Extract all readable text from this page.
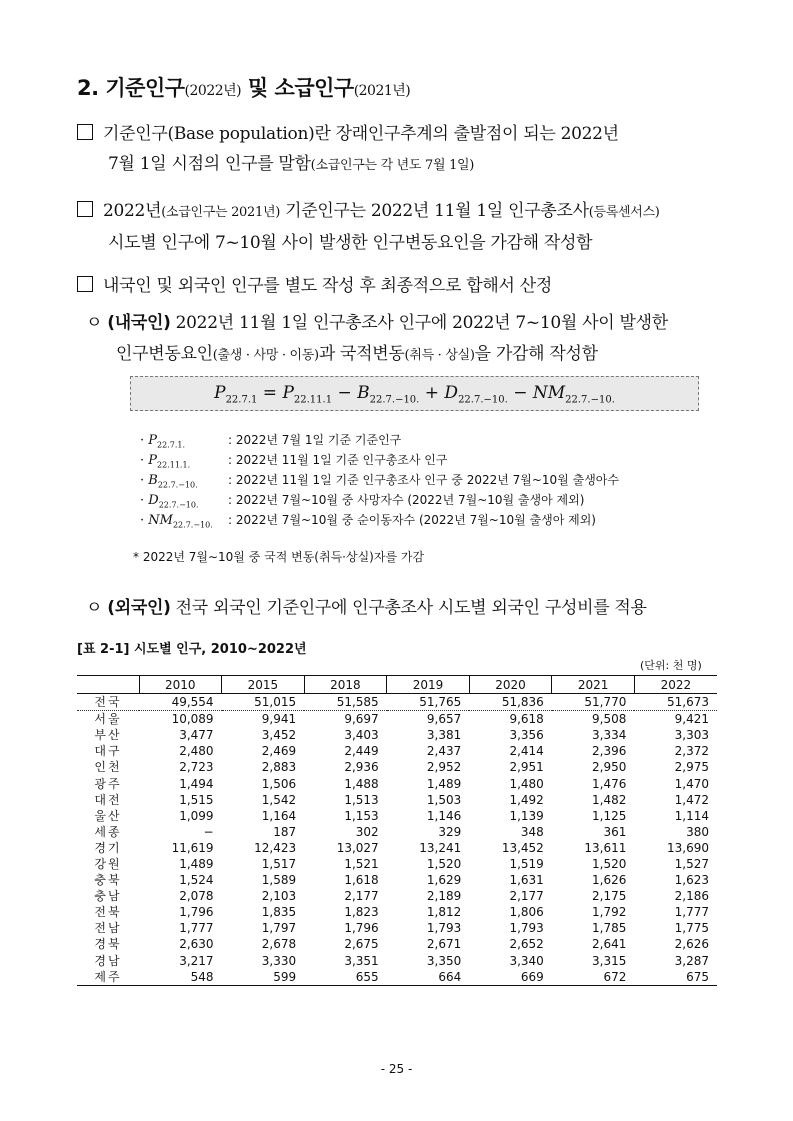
2. 기준인구(2022년) 및 소급인구(2021년)
기준인구(Base population)란 장래인구추계의 출발점이 되는 2022년
7월 1일 시점의 인구를 말함(소급인구는 각 년도 7월 1일)
2022년(소급인구는 2021년) 기준인구는 2022년 11월 1일 인구총조사(등록센서스)
시도별 인구에 7~10월 사이 발생한 인구변동요인을 가감해 작성함
내국인 및 외국인 인구를 별도 작성 후 최종적으로 합해서 산정
ㅇ (내국인) 2022년 11월 1일 인구총조사 인구에 2022년 7~10월 사이 발생한
인구변동요인(출생 · 사망 · 이동)과 국적변동(취득 · 상실)을 가감해 작성함
$P_{22.7.1} = P_{22.11.1} - B_{22.7.-10.} + D_{22.7.-10.} - NM_{22.7.-10.}$
· $P_{22.7.1.}$	: 2022년 7월 1일 기준 기준인구
· $P_{22.11.1.}$	: 2022년 11월 1일 기준 인구총조사 인구
· $B_{22.7.-10.}$	: 2022년 11월 1일 기준 인구총조사 인구 중 2022년 7월~10월 출생아수
· $D_{22.7.-10.}$ : 2022년 7월~10월 중 사망자수 (2022년 7월~10월 출생아 제외)
· $NM_{22.7.-10.}$ : 2022년 7월~10월 중 순이동자수 (2022년 7월~10월 출생아 제외)
* 2022년 7월∼10월 중 국적 변동(취득·상실)자를 가감
ㅇ (외국인) 전국 외국인 기준인구에 인구총조사 시도별 외국인 구성비를 적용
[표 2-1] 시도별 인구, 2010~2022년
(단위: 천 명)
	2010	2015	2018	2019	2020	2021	2022
전국	49,554	51,015	51,585	51,765	51,836	51,770	51,673
서울	10,089	9,941	9,697	9,657	9,618	9,508	9,421
부산	3,477	3,452	3,403	3,381	3,356	3,334	3,303
대구	2,480	2,469	2,449	2,437	2,414	2,396	2,372
인천	2,723	2,883	2,936	2,952	2,951	2,950	2,975
광주	1,494	1,506	1,488	1,489	1,480	1,476	1,470
대전	1,515	1,542	1,513	1,503	1,492	1,482	1,472
울산	1,099	1,164	1,153	1,146	1,139	1,125	1,114
세종	−	187	302	329	348	361	380
경기	11,619	12,423	13,027	13,241	13,452	13,611	13,690
강원	1,489	1,517	1,521	1,520	1,519	1,520	1,527
충북	1,524	1,589	1,618	1,629	1,631	1,626	1,623
충남	2,078	2,103	2,177	2,189	2,177	2,175	2,186
전북	1,796	1,835	1,823	1,812	1,806	1,792	1,777
전남	1,777	1,797	1,796	1,793	1,793	1,785	1,775
경북	2,630	2,678	2,675	2,671	2,652	2,641	2,626
경남	3,217	3,330	3,351	3,350	3,340	3,315	3,287
제주	548	599	655	664	669	672	675
- 25 -
